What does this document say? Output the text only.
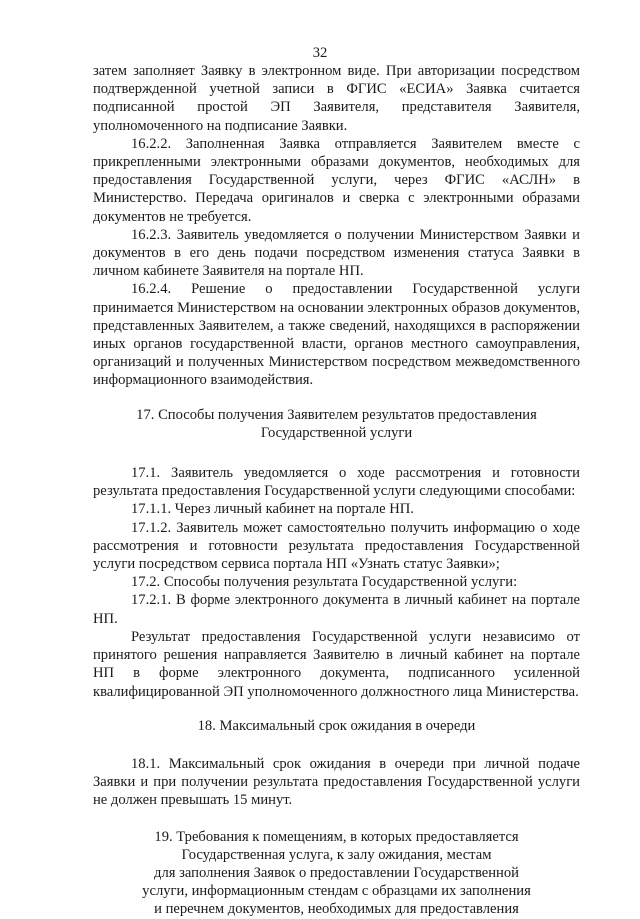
32

затем заполняет Заявку в электронном виде. При авторизации посредством подтвержденной учетной записи в ФГИС «ЕСИА» Заявка считается подписанной простой ЭП Заявителя, представителя Заявителя, уполномоченного на подписание Заявки.

16.2.2. Заполненная Заявка отправляется Заявителем вместе с прикрепленными электронными образами документов, необходимых для предоставления Государственной услуги, через ФГИС «АСЛН» в Министерство. Передача оригиналов и сверка с электронными образами документов не требуется.

16.2.3. Заявитель уведомляется о получении Министерством Заявки и документов в его день подачи посредством изменения статуса Заявки в личном кабинете Заявителя на портале НП.

16.2.4. Решение о предоставлении Государственной услуги принимается Министерством на основании электронных образов документов, представленных Заявителем, а также сведений, находящихся в распоряжении иных органов государственной власти, органов местного самоуправления, организаций и полученных Министерством посредством межведомственного информационного взаимодействия.

17. Способы получения Заявителем результатов предоставления
Государственной услуги

17.1. Заявитель уведомляется о ходе рассмотрения и готовности результата предоставления Государственной услуги следующими способами:

17.1.1. Через личный кабинет на портале НП.

17.1.2. Заявитель может самостоятельно получить информацию о ходе рассмотрения и готовности результата предоставления Государственной услуги посредством сервиса портала НП «Узнать статус Заявки»;

17.2. Способы получения результата Государственной услуги:

17.2.1. В форме электронного документа в личный кабинет на портале НП.

Результат предоставления Государственной услуги независимо от принятого решения направляется Заявителю в личный кабинет на портале НП в форме электронного документа, подписанного усиленной квалифицированной ЭП уполномоченного должностного лица Министерства.

18. Максимальный срок ожидания в очереди

18.1. Максимальный срок ожидания в очереди при личной подаче Заявки и при получении результата предоставления Государственной услуги не должен превышать 15 минут.

19. Требования к помещениям, в которых предоставляется
Государственная услуга, к залу ожидания, местам
для заполнения Заявок о предоставлении Государственной
услуги, информационным стендам с образцами их заполнения
и перечнем документов, необходимых для предоставления
